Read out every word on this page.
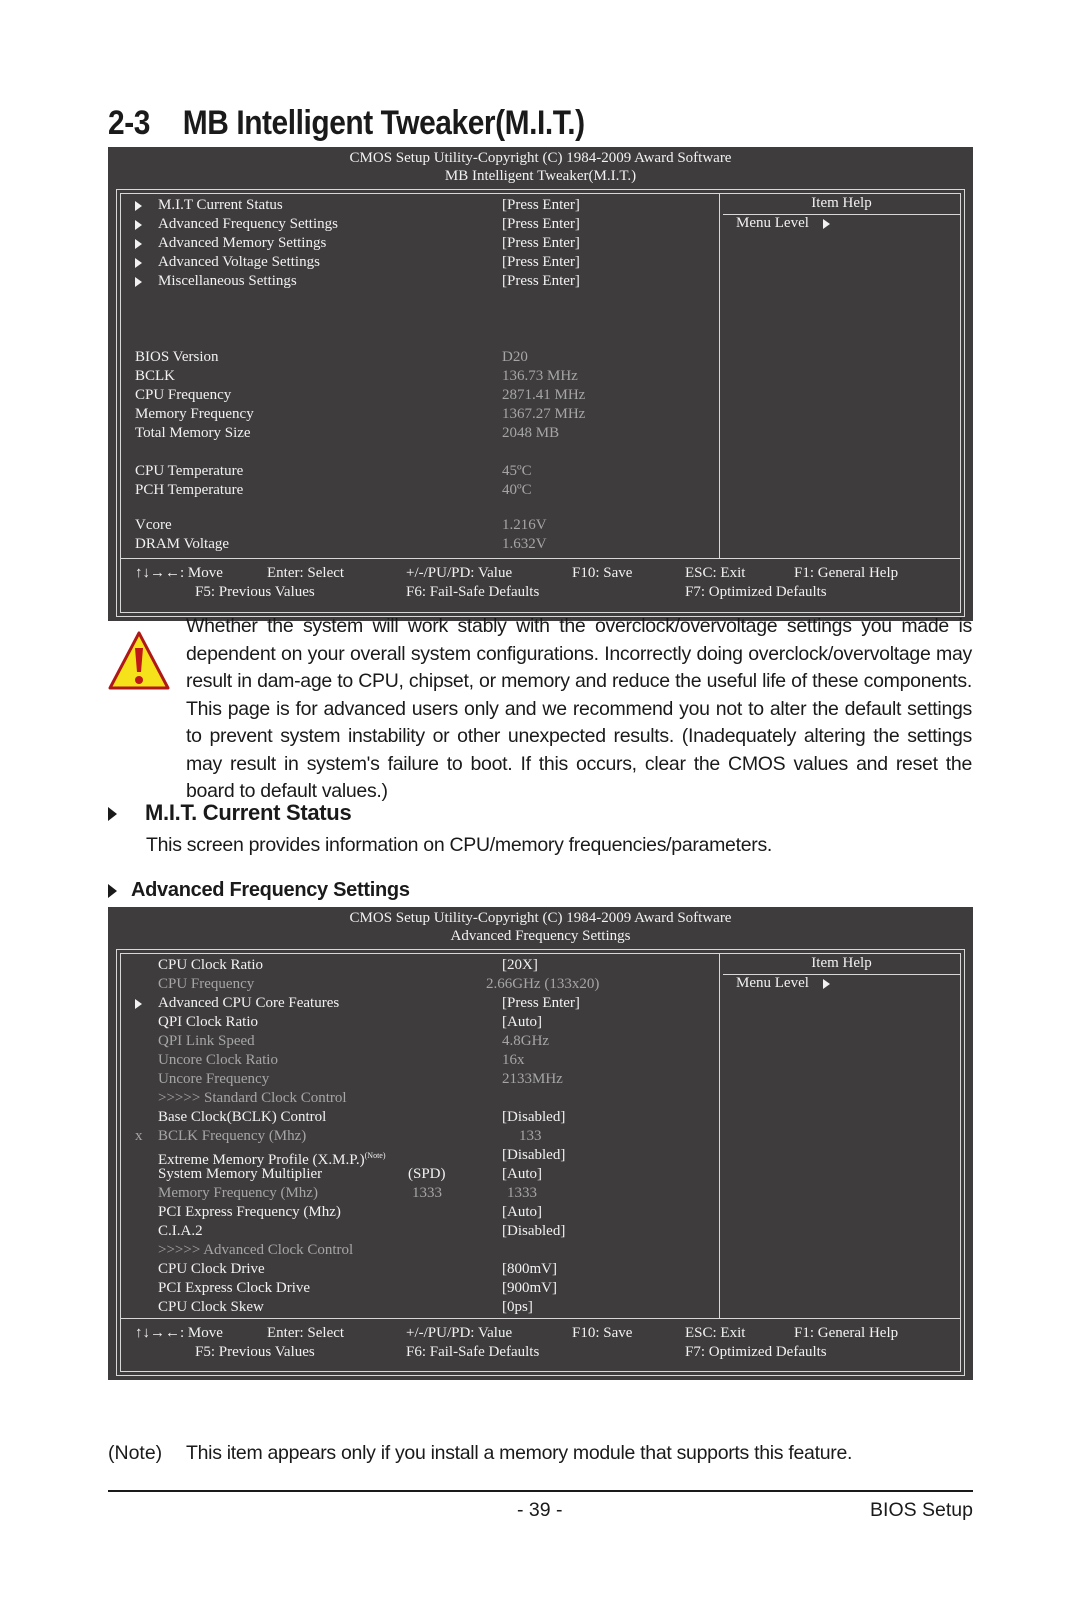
2-3 MB Intelligent Tweaker(M.I.T.)
CMOS Setup Utility-Copyright (C) 1984-2009 Award Software
MB Intelligent Tweaker(M.I.T.)
M.I.T Current Status	[Press Enter]
Advanced Frequency Settings	[Press Enter]
Advanced Memory Settings	[Press Enter]
Advanced Voltage Settings	[Press Enter]
Miscellaneous Settings	[Press Enter]
BIOS Version	D20
BCLK	136.73 MHz
CPU Frequency	2871.41 MHz
Memory Frequency	1367.27 MHz
Total Memory Size	2048 MB
CPU Temperature	45ºC
PCH Temperature	40ºC
Vcore	1.216V
DRAM Voltage	1.632V
Item Help
Menu Level
↑↓→←: Move	Enter: Select	+/-/PU/PD: Value	F10: Save	ESC: Exit	F1: General Help
F5: Previous Values	F6: Fail-Safe Defaults	F7: Optimized Defaults
Whether the system will work stably with the overclock/overvoltage settings you made is dependent on your overall system configurations. Incorrectly doing overclock/overvoltage may result in dam-age to CPU, chipset, or memory and reduce the useful life of these components. This page is for advanced users only and we recommend you not to alter the default settings to prevent system instability or other unexpected results. (Inadequately altering the settings may result in system's failure to boot. If this occurs, clear the CMOS values and reset the board to default values.)
M.I.T. Current Status
This screen provides information on CPU/memory frequencies/parameters.
Advanced Frequency Settings
CMOS Setup Utility-Copyright (C) 1984-2009 Award Software
Advanced Frequency Settings
CPU Clock Ratio	[20X]
CPU Frequency	2.66GHz (133x20)
Advanced CPU Core Features	[Press Enter]
QPI Clock Ratio	[Auto]
QPI Link Speed	4.8GHz
Uncore Clock Ratio	16x
Uncore Frequency	2133MHz
>>>>> Standard Clock Control
Base Clock(BCLK) Control	[Disabled]
x BCLK Frequency (Mhz)	133
Extreme Memory Profile $(X.M.P.)^{(Note)}$	[Disabled]
System Memory Multiplier	(SPD)	[Auto]
Memory Frequency (Mhz)	1333	1333
PCI Express Frequency (Mhz)	[Auto]
C.I.A.2	[Disabled]
>>>>> Advanced Clock Control
CPU Clock Drive	[800mV]
PCI Express Clock Drive	[900mV]
CPU Clock Skew	[0ps]
Item Help
Menu Level
↑↓→←: Move	Enter: Select	+/-/PU/PD: Value	F10: Save	ESC: Exit	F1: General Help
F5: Previous Values	F6: Fail-Safe Defaults	F7: Optimized Defaults
(Note) This item appears only if you install a memory module that supports this feature.
- 39 -	BIOS Setup
